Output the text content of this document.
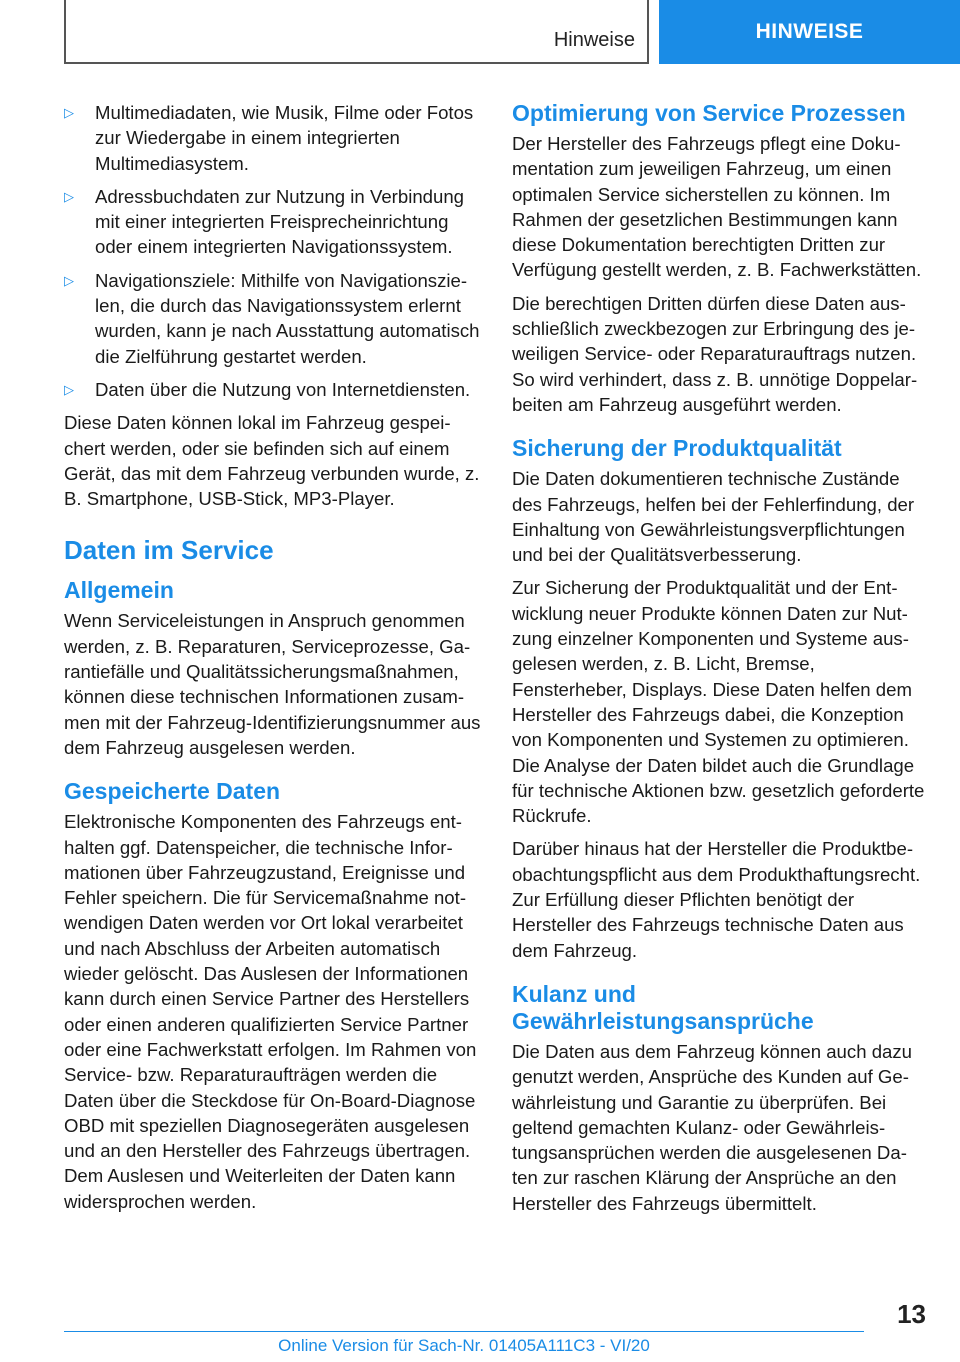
Hinweise	HINWEISE
▷ Multimediadaten, wie Musik, Filme oder Fotos zur Wiedergabe in einem integrierten Multimediasystem.
▷ Adressbuchdaten zur Nutzung in Verbindung mit einer integrierten Freisprecheinrichtung oder einem integrierten Navigationssystem.
▷ Navigationsziele: Mithilfe von Navigationszielen, die durch das Navigationssystem erlernt wurden, kann je nach Ausstattung automatisch die Zielführung gestartet werden.
▷ Daten über die Nutzung von Internetdiensten.

Diese Daten können lokal im Fahrzeug gespeichert werden, oder sie befinden sich auf einem Gerät, das mit dem Fahrzeug verbunden wurde, z. B. Smartphone, USB-Stick, MP3-Player.

Daten im Service
Allgemein

Wenn Serviceleistungen in Anspruch genommen werden, z. B. Reparaturen, Serviceprozesse, Garantiefälle und Qualitätssicherungsmaßnahmen, können diese technischen Informationen zusammen mit der Fahrzeug-Identifizierungsnummer aus dem Fahrzeug ausgelesen werden.

Gespeicherte Daten

Elektronische Komponenten des Fahrzeugs enthalten ggf. Datenspeicher, die technische Informationen über Fahrzeugzustand, Ereignisse und Fehler speichern. Die für Servicemaßnahme notwendigen Daten werden vor Ort lokal verarbeitet und nach Abschluss der Arbeiten automatisch wieder gelöscht. Das Auslesen der Informationen kann durch einen Service Partner des Herstellers oder einen anderen qualifizierten Service Partner oder eine Fachwerkstatt erfolgen. Im Rahmen von Service- bzw. Reparaturaufträgen werden die Daten über die Steckdose für On-Board-Diagnose OBD mit speziellen Diagnosegeräten ausgelesen und an den Hersteller des Fahrzeugs übertragen. Dem Auslesen und Weiterleiten der Daten kann widersprochen werden.

Optimierung von Service Prozessen

Der Hersteller des Fahrzeugs pflegt eine Dokumentation zum jeweiligen Fahrzeug, um einen optimalen Service sicherstellen zu können. Im Rahmen der gesetzlichen Bestimmungen kann diese Dokumentation berechtigten Dritten zur Verfügung gestellt werden, z. B. Fachwerkstätten.

Die berechtigen Dritten dürfen diese Daten ausschließlich zweckbezogen zur Erbringung des jeweiligen Service- oder Reparaturauftrags nutzen. So wird verhindert, dass z. B. unnötige Doppelarbeiten am Fahrzeug ausgeführt werden.

Sicherung der Produktqualität

Die Daten dokumentieren technische Zustände des Fahrzeugs, helfen bei der Fehlerfindung, der Einhaltung von Gewährleistungsverpflichtungen und bei der Qualitätsverbesserung.

Zur Sicherung der Produktqualität und der Entwicklung neuer Produkte können Daten zur Nutzung einzelner Komponenten und Systeme ausgelesen werden, z. B. Licht, Bremse, Fensterheber, Displays. Diese Daten helfen dem Hersteller des Fahrzeugs dabei, die Konzeption von Komponenten und Systemen zu optimieren. Die Analyse der Daten bildet auch die Grundlage für technische Aktionen bzw. gesetzlich geforderte Rückrufe.

Darüber hinaus hat der Hersteller die Produktbeobachtungspflicht aus dem Produkthaftungsrecht. Zur Erfüllung dieser Pflichten benötigt der Hersteller des Fahrzeugs technische Daten aus dem Fahrzeug.

Kulanz und
Gewährleistungsansprüche

Die Daten aus dem Fahrzeug können auch dazu genutzt werden, Ansprüche des Kunden auf Gewährleistung und Garantie zu überprüfen. Bei geltend gemachten Kulanz- oder Gewährleistungsansprüchen werden die ausgelesenen Daten zur raschen Klärung der Ansprüche an den Hersteller des Fahrzeugs übermittelt.

13
Online Version für Sach-Nr. 01405A111C3 - VI/20
